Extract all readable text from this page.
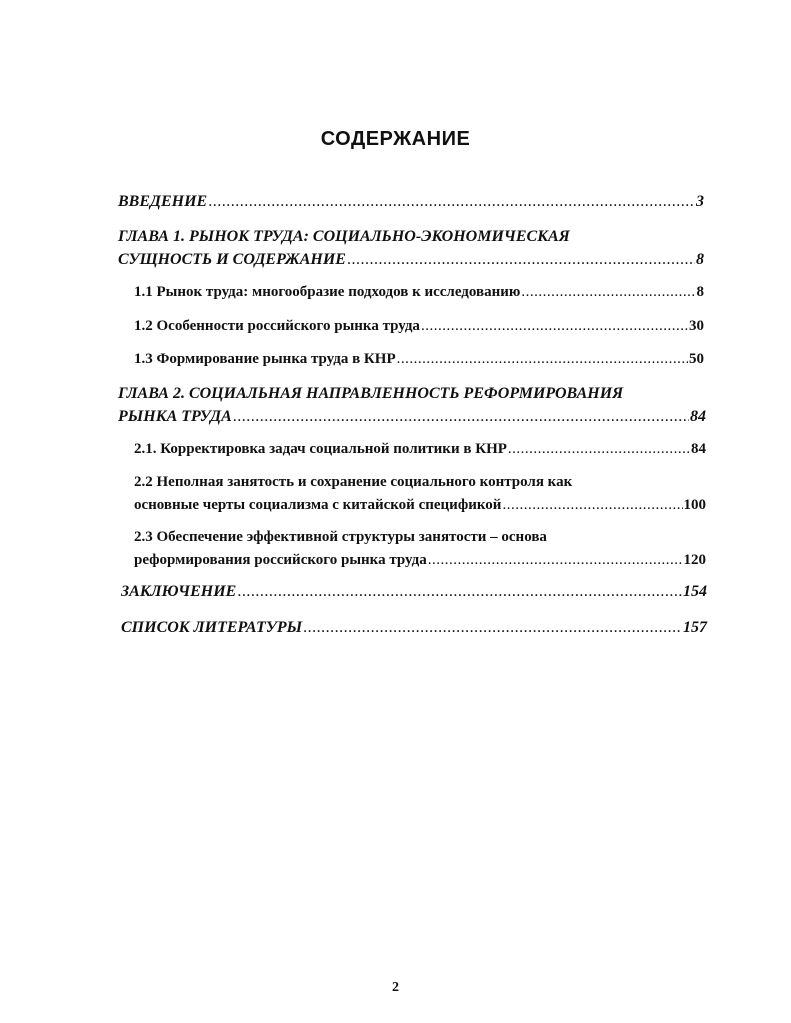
СОДЕРЖАНИЕ
ВВЕДЕНИЕ .....	3
ГЛАВА 1. РЫНОК ТРУДА: СОЦИАЛЬНО-ЭКОНОМИЧЕСКАЯ
СУЩНОСТЬ И СОДЕРЖАНИЕ .....	8
1.1 Рынок труда: многообразие подходов к исследованию .....	8
1.2 Особенности российского рынка труда .....	30
1.3 Формирование рынка труда в КНР .....	50
ГЛАВА 2. СОЦИАЛЬНАЯ НАПРАВЛЕННОСТЬ РЕФОРМИРОВАНИЯ
РЫНКА ТРУДА .....	84
2.1. Корректировка задач социальной политики в КНР .....	84
2.2 Неполная занятость и сохранение социального контроля как
основные черты социализма с китайской спецификой .....	100
2.3 Обеспечение эффективной структуры занятости – основа
реформирования российского рынка труда .....	120
ЗАКЛЮЧЕНИЕ .....	154
СПИСОК ЛИТЕРАТУРЫ .....	157
2
